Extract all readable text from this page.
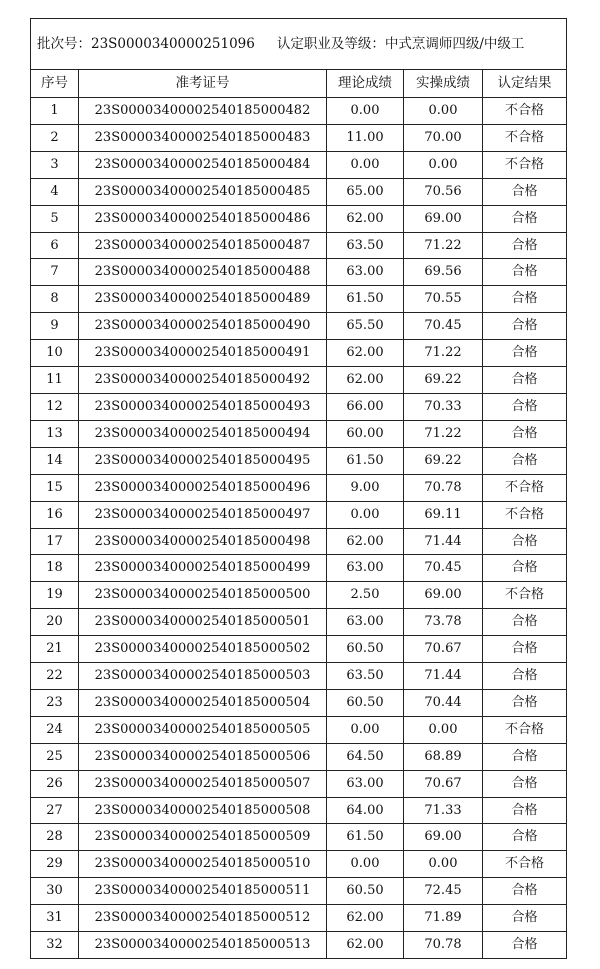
批次号：23S0000340000251096 认定职业及等级：中式烹调师四级/中级工				
序号	准考证号	理论成绩	实操成绩	认定结果
1	23S00003400002540185000482	0.00	0.00	不合格
2	23S00003400002540185000483	11.00	70.00	不合格
3	23S00003400002540185000484	0.00	0.00	不合格
4	23S00003400002540185000485	65.00	70.56	合格
5	23S00003400002540185000486	62.00	69.00	合格
6	23S00003400002540185000487	63.50	71.22	合格
7	23S00003400002540185000488	63.00	69.56	合格
8	23S00003400002540185000489	61.50	70.55	合格
9	23S00003400002540185000490	65.50	70.45	合格
10	23S00003400002540185000491	62.00	71.22	合格
11	23S00003400002540185000492	62.00	69.22	合格
12	23S00003400002540185000493	66.00	70.33	合格
13	23S00003400002540185000494	60.00	71.22	合格
14	23S00003400002540185000495	61.50	69.22	合格
15	23S00003400002540185000496	9.00	70.78	不合格
16	23S00003400002540185000497	0.00	69.11	不合格
17	23S00003400002540185000498	62.00	71.44	合格
18	23S00003400002540185000499	63.00	70.45	合格
19	23S00003400002540185000500	2.50	69.00	不合格
20	23S00003400002540185000501	63.00	73.78	合格
21	23S00003400002540185000502	60.50	70.67	合格
22	23S00003400002540185000503	63.50	71.44	合格
23	23S00003400002540185000504	60.50	70.44	合格
24	23S00003400002540185000505	0.00	0.00	不合格
25	23S00003400002540185000506	64.50	68.89	合格
26	23S00003400002540185000507	63.00	70.67	合格
27	23S00003400002540185000508	64.00	71.33	合格
28	23S00003400002540185000509	61.50	69.00	合格
29	23S00003400002540185000510	0.00	0.00	不合格
30	23S00003400002540185000511	60.50	72.45	合格
31	23S00003400002540185000512	62.00	71.89	合格
32	23S00003400002540185000513	62.00	70.78	合格
